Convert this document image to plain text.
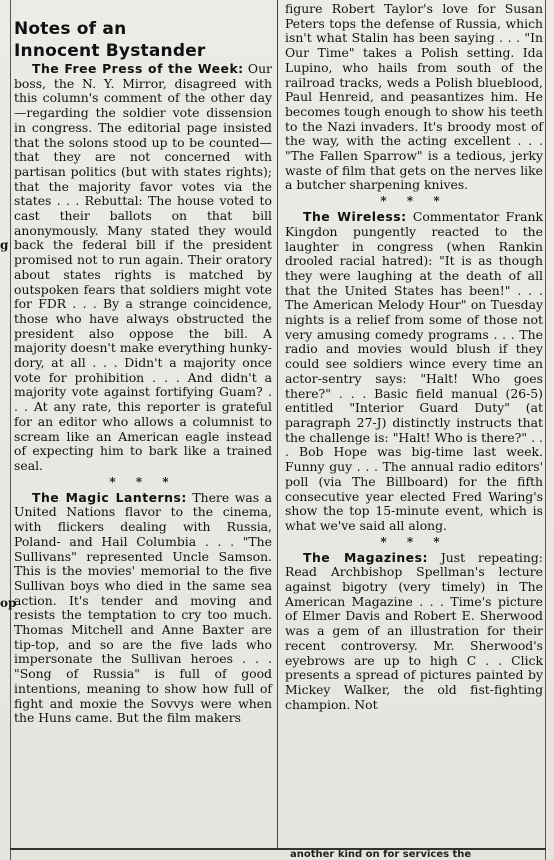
g
op
Notes of an
Innocent Bystander

The Free Press of the Week: Our boss, the N. Y. Mirror, disagreed with this column's comment of the other day—regarding the soldier vote dissension in congress. The editorial page insisted that the solons stood up to be counted—that they are not concerned with partisan politics (but with states rights); that the majority favor votes via the states . . . Rebuttal: The house voted to cast their ballots on that bill anonymously. Many stated they would back the federal bill if the president promised not to run again. Their oratory about states rights is matched by outspoken fears that soldiers might vote for FDR . . . By a strange coincidence, those who have always obstructed the president also oppose the bill. A majority doesn't make everything hunky-dory, at all . . . Didn't a majority once vote for prohibition . . . And didn't a majority vote against fortifying Guam? . . . At any rate, this reporter is grateful for an editor who allows a columnist to scream like an American eagle instead of expecting him to bark like a trained seal.

* * *

The Magic Lanterns: There was a United Nations flavor to the cinema, with flickers dealing with Russia, Poland- and Hail Columbia . . . "The Sullivans" represented Uncle Samson. This is the movies' memorial to the five Sullivan boys who died in the same sea action. It's tender and moving and resists the temptation to cry too much. Thomas Mitchell and Anne Baxter are tip-top, and so are the five lads who impersonate the Sullivan heroes . . . "Song of Russia" is full of good intentions, meaning to show how full of fight and moxie the Sovvys were when the Huns came. But the film makers

figure Robert Taylor's love for Susan Peters tops the defense of Russia, which isn't what Stalin has been saying . . . "In Our Time" takes a Polish setting. Ida Lupino, who hails from south of the railroad tracks, weds a Polish blueblood, Paul Henreid, and peasantizes him. He becomes tough enough to show his teeth to the Nazi invaders. It's broody most of the way, with the acting excellent . . . "The Fallen Sparrow" is a tedious, jerky waste of film that gets on the nerves like a butcher sharpening knives.

* * *

The Wireless: Commentator Frank Kingdon pungently reacted to the laughter in congress (when Rankin drooled racial hatred): "It is as though they were laughing at the death of all that the United States has been!" . . . The American Melody Hour" on Tuesday nights is a relief from some of those not very amusing comedy programs . . . The radio and movies would blush if they could see soldiers wince every time an actor-sentry says: "Halt! Who goes there?" . . . Basic field manual (26-5) entitled "Interior Guard Duty" (at paragraph 27-J) distinctly instructs that the challenge is: "Halt! Who is there?" . . . Bob Hope was big-time last week. Funny guy . . . The annual radio editors' poll (via The Billboard) for the fifth consecutive year elected Fred Waring's show the top 15-minute event, which is what we've said all along.

* * *

The Magazines: Just repeating: Read Archbishop Spellman's lecture against bigotry (very timely) in The American Magazine . . . Time's picture of Elmer Davis and Robert E. Sherwood was a gem of an illustration for their recent controversy. Mr. Sherwood's eyebrows are up to high C . . Click presents a spread of pictures painted by Mickey Walker, the old fist-fighting champion. Not

another kind on for services the
